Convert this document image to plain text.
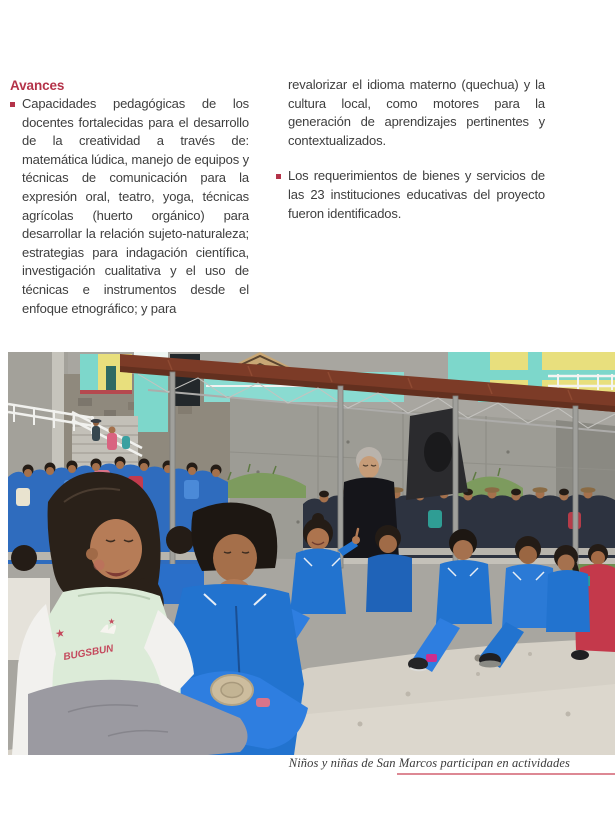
Avances
Capacidades pedagógicas de los docentes fortalecidas para el desarrollo de la creatividad a través de: matemática lúdica, manejo de equipos y técnicas de comunicación para la expresión oral, teatro, yoga, técnicas agrícolas (huerto orgánico) para desarrollar la relación sujeto-naturaleza; estrategias para indagación científica, investigación cualitativa y el uso de técnicas e instrumentos desde el enfoque etnográfico; y para
revalorizar el idioma materno (quechua) y la cultura local, como motores para la generación de aprendizajes pertinentes y contextualizados.
Los requerimientos de bienes y servicios de las 23 instituciones educativas del proyecto fueron identificados.
BUGSBUN
★
★
Niños y niñas de San Marcos participan en actividades
